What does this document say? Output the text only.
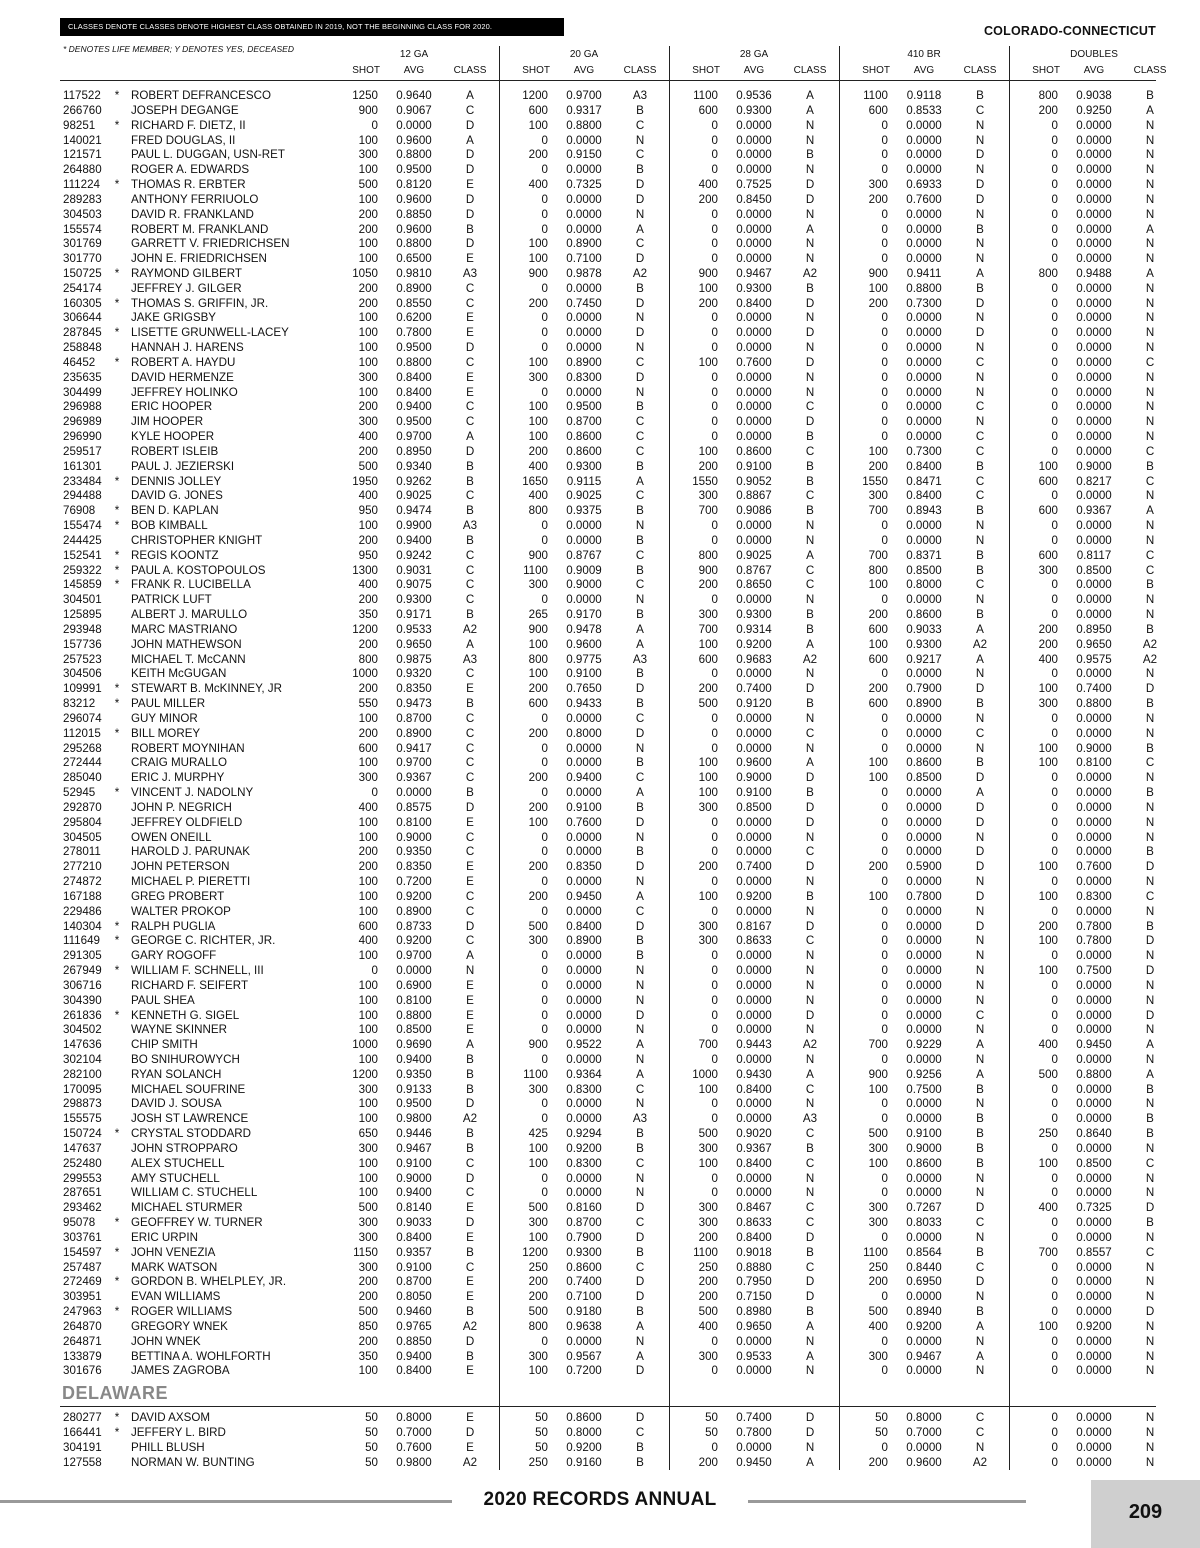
CLASSES DENOTE CLASSES DENOTE HIGHEST CLASS OBTAINED IN 2019, NOT THE BEGINNING CLASS FOR 2020.	COLORADO-CONNECTICUT
* DENOTES LIFE MEMBER; Y DENOTES YES, DECEASED	12 GA
SHOT	AVG	CLASS
20 GA
SHOT	AVG	CLASS
28 GA
SHOT	AVG	CLASS
410 BR
SHOT	AVG	CLASS
DOUBLES
SHOT	AVG	CLASS
117522	* ROBERT DEFRANCESCO	1250	0.9640	A	1200	0.9700	A3	1100	0.9536	A	1100	0.9118	B	800	0.9038	B
266760	JOSEPH DEGANGE	900	0.9067	C	600	0.9317	B	600	0.9300	A	600	0.8533	C	200	0.9250	A
98251	* RICHARD F. DIETZ, II	0	0.0000	D	100	0.8800	C	0	0.0000	N	0	0.0000	N	0	0.0000	N
140021	FRED DOUGLAS, II	100	0.9600	A	0	0.0000	N	0	0.0000	N	0	0.0000	N	0	0.0000	N
121571	PAUL L. DUGGAN, USN-RET	300	0.8800	D	200	0.9150	C	0	0.0000	B	0	0.0000	D	0	0.0000	N
264880	ROGER A. EDWARDS	100	0.9500	D	0	0.0000	B	0	0.0000	N	0	0.0000	N	0	0.0000	N
111224	* THOMAS R. ERBTER	500	0.8120	E	400	0.7325	D	400	0.7525	D	300	0.6933	D	0	0.0000	N
289283	ANTHONY FERRIUOLO	100	0.9600	D	0	0.0000	D	200	0.8450	D	200	0.7600	D	0	0.0000	N
304503	DAVID R. FRANKLAND	200	0.8850	D	0	0.0000	N	0	0.0000	N	0	0.0000	N	0	0.0000	N
155574	ROBERT M. FRANKLAND	200	0.9600	B	0	0.0000	A	0	0.0000	A	0	0.0000	B	0	0.0000	A
301769	GARRETT V. FRIEDRICHSEN	100	0.8800	D	100	0.8900	C	0	0.0000	N	0	0.0000	N	0	0.0000	N
301770	JOHN E. FRIEDRICHSEN	100	0.6500	E	100	0.7100	D	0	0.0000	N	0	0.0000	N	0	0.0000	N
150725	* RAYMOND GILBERT	1050	0.9810	A3	900	0.9878	A2	900	0.9467	A2	900	0.9411	A	800	0.9488	A
254174	JEFFREY J. GILGER	200	0.8900	C	0	0.0000	B	100	0.9300	B	100	0.8800	B	0	0.0000	N
160305	* THOMAS S. GRIFFIN, JR.	200	0.8550	C	200	0.7450	D	200	0.8400	D	200	0.7300	D	0	0.0000	N
306644	JAKE GRIGSBY	100	0.6200	E	0	0.0000	N	0	0.0000	N	0	0.0000	N	0	0.0000	N
287845	* LISETTE GRUNWELL-LACEY	100	0.7800	E	0	0.0000	D	0	0.0000	D	0	0.0000	D	0	0.0000	N
258848	HANNAH J. HARENS	100	0.9500	D	0	0.0000	N	0	0.0000	N	0	0.0000	N	0	0.0000	N
46452	* ROBERT A. HAYDU	100	0.8800	C	100	0.8900	C	100	0.7600	D	0	0.0000	C	0	0.0000	C
235635	DAVID HERMENZE	300	0.8400	E	300	0.8300	D	0	0.0000	N	0	0.0000	N	0	0.0000	N
304499	JEFFREY HOLINKO	100	0.8400	E	0	0.0000	N	0	0.0000	N	0	0.0000	N	0	0.0000	N
296988	ERIC HOOPER	200	0.9400	C	100	0.9500	B	0	0.0000	C	0	0.0000	C	0	0.0000	N
296989	JIM HOOPER	300	0.9500	C	100	0.8700	C	0	0.0000	D	0	0.0000	N	0	0.0000	N
296990	KYLE HOOPER	400	0.9700	A	100	0.8600	C	0	0.0000	B	0	0.0000	C	0	0.0000	N
259517	ROBERT ISLEIB	200	0.8950	D	200	0.8600	C	100	0.8600	C	100	0.7300	C	0	0.0000	C
161301	PAUL J. JEZIERSKI	500	0.9340	B	400	0.9300	B	200	0.9100	B	200	0.8400	B	100	0.9000	B
233484	* DENNIS JOLLEY	1950	0.9262	B	1650	0.9115	A	1550	0.9052	B	1550	0.8471	C	600	0.8217	C
294488	DAVID G. JONES	400	0.9025	C	400	0.9025	C	300	0.8867	C	300	0.8400	C	0	0.0000	N
76908	* BEN D. KAPLAN	950	0.9474	B	800	0.9375	B	700	0.9086	B	700	0.8943	B	600	0.9367	A
155474	* BOB KIMBALL	100	0.9900	A3	0	0.0000	N	0	0.0000	N	0	0.0000	N	0	0.0000	N
244425	CHRISTOPHER KNIGHT	200	0.9400	B	0	0.0000	B	0	0.0000	N	0	0.0000	N	0	0.0000	N
152541	* REGIS KOONTZ	950	0.9242	C	900	0.8767	C	800	0.9025	A	700	0.8371	B	600	0.8117	C
259322	* PAUL A. KOSTOPOULOS	1300	0.9031	C	1100	0.9009	B	900	0.8767	C	800	0.8500	B	300	0.8500	C
145859	* FRANK R. LUCIBELLA	400	0.9075	C	300	0.9000	C	200	0.8650	C	100	0.8000	C	0	0.0000	B
304501	PATRICK LUFT	200	0.9300	C	0	0.0000	N	0	0.0000	N	0	0.0000	N	0	0.0000	N
125895	ALBERT J. MARULLO	350	0.9171	B	265	0.9170	B	300	0.9300	B	200	0.8600	B	0	0.0000	N
293948	MARC MASTRIANO	1200	0.9533	A2	900	0.9478	A	700	0.9314	B	600	0.9033	A	200	0.8950	B
157736	JOHN MATHEWSON	200	0.9650	A	100	0.9600	A	100	0.9200	A	100	0.9300	A2	200	0.9650	A2
257523	MICHAEL T. McCANN	800	0.9875	A3	800	0.9775	A3	600	0.9683	A2	600	0.9217	A	400	0.9575	A2
304506	KEITH McGUGAN	1000	0.9320	C	100	0.9100	B	0	0.0000	N	0	0.0000	N	0	0.0000	N
109991	* STEWART B. McKINNEY, JR	200	0.8350	E	200	0.7650	D	200	0.7400	D	200	0.7900	D	100	0.7400	D
83212	* PAUL MILLER	550	0.9473	B	600	0.9433	B	500	0.9120	B	600	0.8900	B	300	0.8800	B
296074	GUY MINOR	100	0.8700	C	0	0.0000	C	0	0.0000	N	0	0.0000	N	0	0.0000	N
112015	* BILL MOREY	200	0.8900	C	200	0.8000	D	0	0.0000	C	0	0.0000	C	0	0.0000	N
295268	ROBERT MOYNIHAN	600	0.9417	C	0	0.0000	N	0	0.0000	N	0	0.0000	N	100	0.9000	B
272444	CRAIG MURALLO	100	0.9700	C	0	0.0000	B	100	0.9600	A	100	0.8600	B	100	0.8100	C
285040	ERIC J. MURPHY	300	0.9367	C	200	0.9400	C	100	0.9000	D	100	0.8500	D	0	0.0000	N
52945	* VINCENT J. NADOLNY	0	0.0000	B	0	0.0000	A	100	0.9100	B	0	0.0000	A	0	0.0000	B
292870	JOHN P. NEGRICH	400	0.8575	D	200	0.9100	B	300	0.8500	D	0	0.0000	D	0	0.0000	N
295804	JEFFREY OLDFIELD	100	0.8100	E	100	0.7600	D	0	0.0000	D	0	0.0000	D	0	0.0000	N
304505	OWEN ONEILL	100	0.9000	C	0	0.0000	N	0	0.0000	N	0	0.0000	N	0	0.0000	N
278011	HAROLD J. PARUNAK	200	0.9350	C	0	0.0000	B	0	0.0000	C	0	0.0000	D	0	0.0000	B
277210	JOHN PETERSON	200	0.8350	E	200	0.8350	D	200	0.7400	D	200	0.5900	D	100	0.7600	D
274872	MICHAEL P. PIERETTI	100	0.7200	E	0	0.0000	N	0	0.0000	N	0	0.0000	N	0	0.0000	N
167188	GREG PROBERT	100	0.9200	C	200	0.9450	A	100	0.9200	B	100	0.7800	D	100	0.8300	C
229486	WALTER PROKOP	100	0.8900	C	0	0.0000	C	0	0.0000	N	0	0.0000	N	0	0.0000	N
140304	* RALPH PUGLIA	600	0.8733	D	500	0.8400	D	300	0.8167	D	0	0.0000	D	200	0.7800	B
111649	* GEORGE C. RICHTER, JR.	400	0.9200	C	300	0.8900	B	300	0.8633	C	0	0.0000	N	100	0.7800	D
291305	GARY ROGOFF	100	0.9700	A	0	0.0000	B	0	0.0000	N	0	0.0000	N	0	0.0000	N
267949	* WILLIAM F. SCHNELL, III	0	0.0000	N	0	0.0000	N	0	0.0000	N	0	0.0000	N	100	0.7500	D
306716	RICHARD F. SEIFERT	100	0.6900	E	0	0.0000	N	0	0.0000	N	0	0.0000	N	0	0.0000	N
304390	PAUL SHEA	100	0.8100	E	0	0.0000	N	0	0.0000	N	0	0.0000	N	0	0.0000	N
261836	* KENNETH G. SIGEL	100	0.8800	E	0	0.0000	D	0	0.0000	D	0	0.0000	C	0	0.0000	D
304502	WAYNE SKINNER	100	0.8500	E	0	0.0000	N	0	0.0000	N	0	0.0000	N	0	0.0000	N
147636	CHIP SMITH	1000	0.9690	A	900	0.9522	A	700	0.9443	A2	700	0.9229	A	400	0.9450	A
302104	BO SNIHUROWYCH	100	0.9400	B	0	0.0000	N	0	0.0000	N	0	0.0000	N	0	0.0000	N
282100	RYAN SOLANCH	1200	0.9350	B	1100	0.9364	A	1000	0.9430	A	900	0.9256	A	500	0.8800	A
170095	MICHAEL SOUFRINE	300	0.9133	B	300	0.8300	C	100	0.8400	C	100	0.7500	B	0	0.0000	B
298873	DAVID J. SOUSA	100	0.9500	D	0	0.0000	N	0	0.0000	N	0	0.0000	N	0	0.0000	N
155575	JOSH ST LAWRENCE	100	0.9800	A2	0	0.0000	A3	0	0.0000	A3	0	0.0000	B	0	0.0000	B
150724	* CRYSTAL STODDARD	650	0.9446	B	425	0.9294	B	500	0.9020	C	500	0.9100	B	250	0.8640	B
147637	JOHN STROPPARO	300	0.9467	B	100	0.9200	B	300	0.9367	B	300	0.9000	B	0	0.0000	N
252480	ALEX STUCHELL	100	0.9100	C	100	0.8300	C	100	0.8400	C	100	0.8600	B	100	0.8500	C
299553	AMY STUCHELL	100	0.9000	D	0	0.0000	N	0	0.0000	N	0	0.0000	N	0	0.0000	N
287651	WILLIAM C. STUCHELL	100	0.9400	C	0	0.0000	N	0	0.0000	N	0	0.0000	N	0	0.0000	N
293462	MICHAEL STURMER	500	0.8140	E	500	0.8160	D	300	0.8467	C	300	0.7267	D	400	0.7325	D
95078	* GEOFFREY W. TURNER	300	0.9033	D	300	0.8700	C	300	0.8633	C	300	0.8033	C	0	0.0000	B
303761	ERIC URPIN	300	0.8400	E	100	0.7900	D	200	0.8400	D	0	0.0000	N	0	0.0000	N
154597	* JOHN VENEZIA	1150	0.9357	B	1200	0.9300	B	1100	0.9018	B	1100	0.8564	B	700	0.8557	C
257487	MARK WATSON	300	0.9100	C	250	0.8600	C	250	0.8880	C	250	0.8440	C	0	0.0000	N
272469	* GORDON B. WHELPLEY, JR.	200	0.8700	E	200	0.7400	D	200	0.7950	D	200	0.6950	D	0	0.0000	N
303951	EVAN WILLIAMS	200	0.8050	E	200	0.7100	D	200	0.7150	D	0	0.0000	N	0	0.0000	N
247963	* ROGER WILLIAMS	500	0.9460	B	500	0.9180	B	500	0.8980	B	500	0.8940	B	0	0.0000	D
264870	GREGORY WNEK	850	0.9765	A2	800	0.9638	A	400	0.9650	A	400	0.9200	A	100	0.9200	N
264871	JOHN WNEK	200	0.8850	D	0	0.0000	N	0	0.0000	N	0	0.0000	N	0	0.0000	N
133879	BETTINA A. WOHLFORTH	350	0.9400	B	300	0.9567	A	300	0.9533	A	300	0.9467	A	0	0.0000	N
301676	JAMES ZAGROBA	100	0.8400	E	100	0.7200	D	0	0.0000	N	0	0.0000	N	0	0.0000	N
DELAWARE
280277	* DAVID AXSOM	50	0.8000	E	50	0.8600	D	50	0.7400	D	50	0.8000	C	0	0.0000	N
166441	* JEFFERY L. BIRD	50	0.7000	D	50	0.8000	C	50	0.7800	D	50	0.7000	C	0	0.0000	N
304191	PHILL BLUSH	50	0.7600	E	50	0.9200	B	0	0.0000	N	0	0.0000	N	0	0.0000	N
127558	NORMAN W. BUNTING	50	0.9800	A2	250	0.9160	B	200	0.9450	A	200	0.9600	A2	0	0.0000	N
2020 RECORDS ANNUAL
209
